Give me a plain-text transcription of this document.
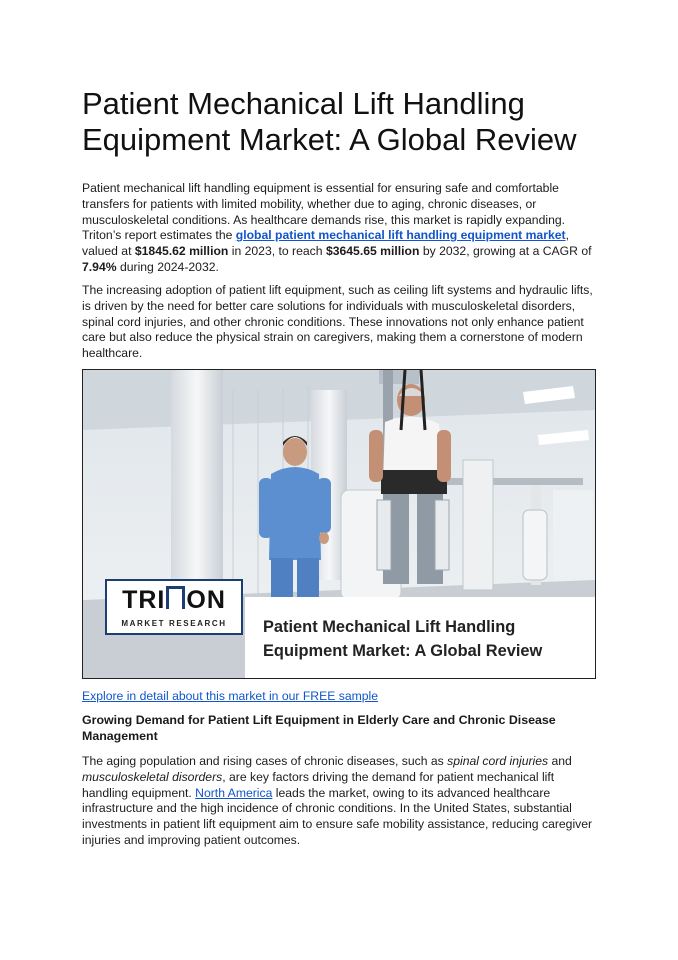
Patient Mechanical Lift Handling Equipment Market: A Global Review

Patient mechanical lift handling equipment is essential for ensuring safe and comfortable transfers for patients with limited mobility, whether due to aging, chronic diseases, or musculoskeletal conditions. As healthcare demands rise, this market is rapidly expanding. Triton’s report estimates the global patient mechanical lift handling equipment market, valued at $1845.62 million in 2023, to reach $3645.65 million by 2032, growing at a CAGR of 7.94% during 2024-2032.

The increasing adoption of patient lift equipment, such as ceiling lift systems and hydraulic lifts, is driven by the need for better care solutions for individuals with musculoskeletal disorders, spinal cord injuries, and other chronic conditions. These innovations not only enhance patient care but also reduce the physical strain on caregivers, making them a cornerstone of modern healthcare.

TRI ON
MARKET RESEARCH	Patient Mechanical Lift Handling
Equipment Market: A Global Review
Explore in detail about this market in our FREE sample
Growing Demand for Patient Lift Equipment in Elderly Care and Chronic Disease Management

The aging population and rising cases of chronic diseases, such as spinal cord injuries and musculoskeletal disorders, are key factors driving the demand for patient mechanical lift handling equipment. North America leads the market, owing to its advanced healthcare infrastructure and the high incidence of chronic conditions. In the United States, substantial investments in patient lift equipment aim to ensure safe mobility assistance, reducing caregiver injuries and improving patient outcomes.
